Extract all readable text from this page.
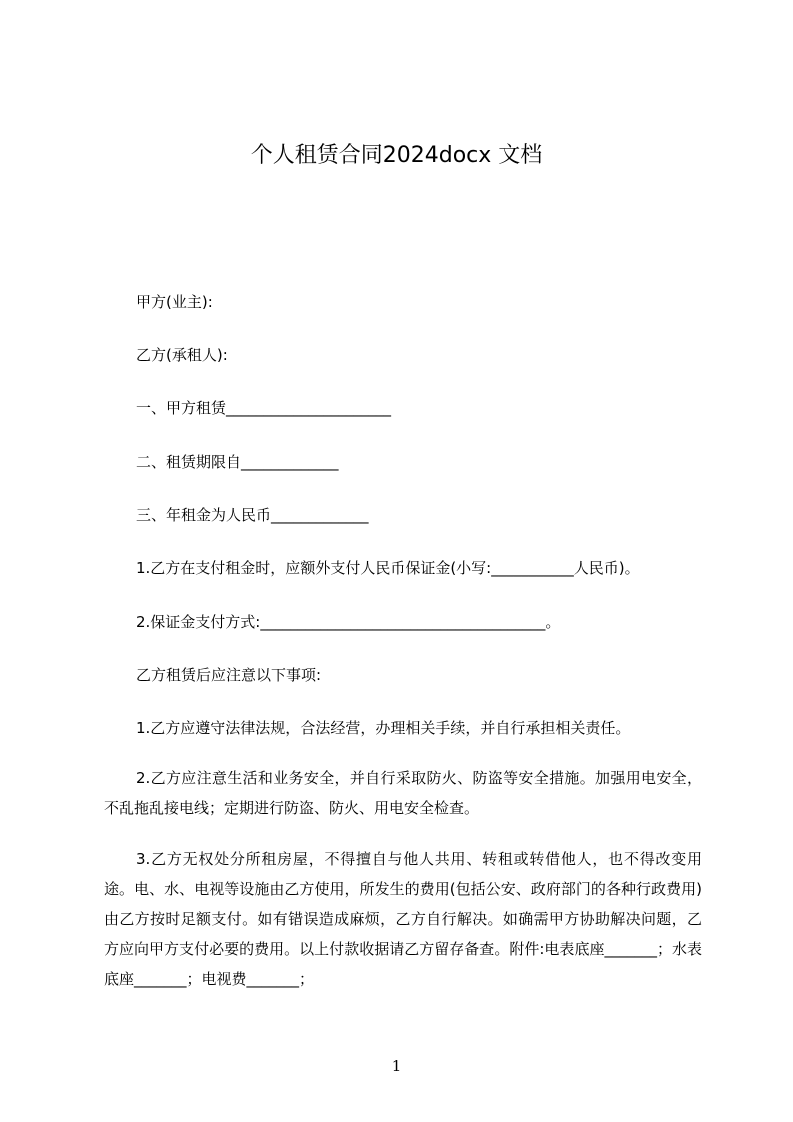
个人租赁合同2024docx 文档
甲方(业主):
乙方(承租人):
一、甲方租赁______________________
二、租赁期限自_____________
三、年租金为人民币_____________
1.乙方在支付租金时，应额外支付人民币保证金(小写:___________人民币)。
2.保证金支付方式:______________________________________。
乙方租赁后应注意以下事项:
1.乙方应遵守法律法规，合法经营，办理相关手续，并自行承担相关责任。
2.乙方应注意生活和业务安全，并自行采取防火、防盗等安全措施。加强用电安全，不乱拖乱接电线；定期进行防盗、防火、用电安全检查。
3.乙方无权处分所租房屋，不得擅自与他人共用、转租或转借他人，也不得改变用途。电、水、电视等设施由乙方使用，所发生的费用(包括公安、政府部门的各种行政费用)由乙方按时足额支付。如有错误造成麻烦，乙方自行解决。如确需甲方协助解决问题，乙方应向甲方支付必要的费用。以上付款收据请乙方留存备查。附件:电表底座_______；水表底座_______；电视费_______；
1
